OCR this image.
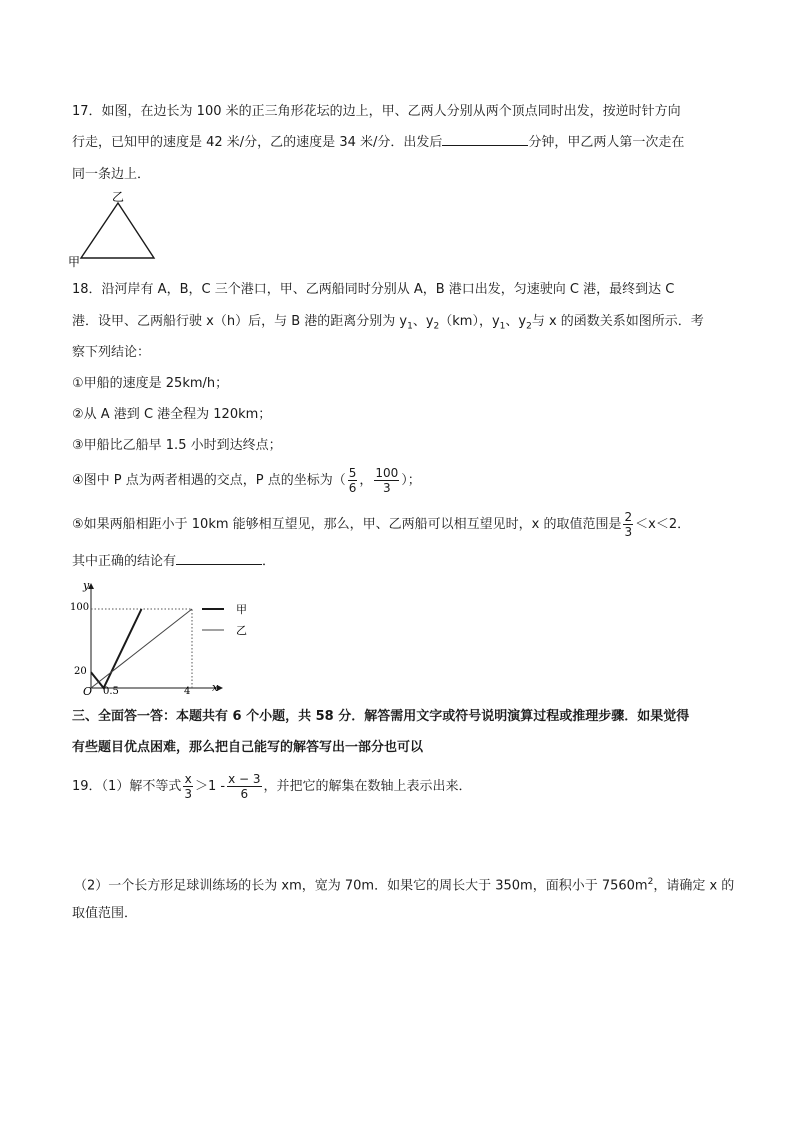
17．如图，在边长为 100 米的正三角形花坛的边上，甲、乙两人分别从两个顶点同时出发，按逆时针方向
行走，已知甲的速度是 42 米/分，乙的速度是 34 米/分．出发后	分钟，甲乙两人第一次走在
同一条边上．
乙
甲
18．沿河岸有 A，B，C 三个港口，甲、乙两船同时分别从 A，B 港口出发，匀速驶向 C 港，最终到达 C
港．设甲、乙两船行驶 x（h）后，与 B 港的距离分别为 $y_1$、$y_2(km)$，$y_1$、$y_2$与 x 的函数关系如图所示．考
察下列结论：
①甲船的速度是 25km/h；
②从 A 港到 C 港全程为 120km；
③甲船比乙船早 1.5 小时到达终点；
④图中 P 点为两者相遇的交点，P 点的坐标为（ $\frac{5}{6}$ ， $\frac{100}{3}$ ）；
⑤如果两船相距小于 10km 能够相互望见，那么，甲、乙两船可以相互望见时，x 的取值范围是 $\frac{2}{3} <x<2$．
其中正确的结论有	．
y
x
O
100
20
0.5	4
甲
乙
三、全面答一答：本题共有 6 个小题，共 58 分．解答需用文字或符号说明演算过程或推理步骤．如果觉得
有些题目优点困难，那么把自己能写的解答写出一部分也可以
19．（1）解不等式 $\frac{x}{3} >1 - \frac{x - 3}{6}$ ，并把它的解集在数轴上表示出来．
（2）一个长方形足球训练场的长为 xm，宽为 70m．如果它的周长大于 350m，面积小于 $7560m^2$，请确定 x 的
取值范围．
